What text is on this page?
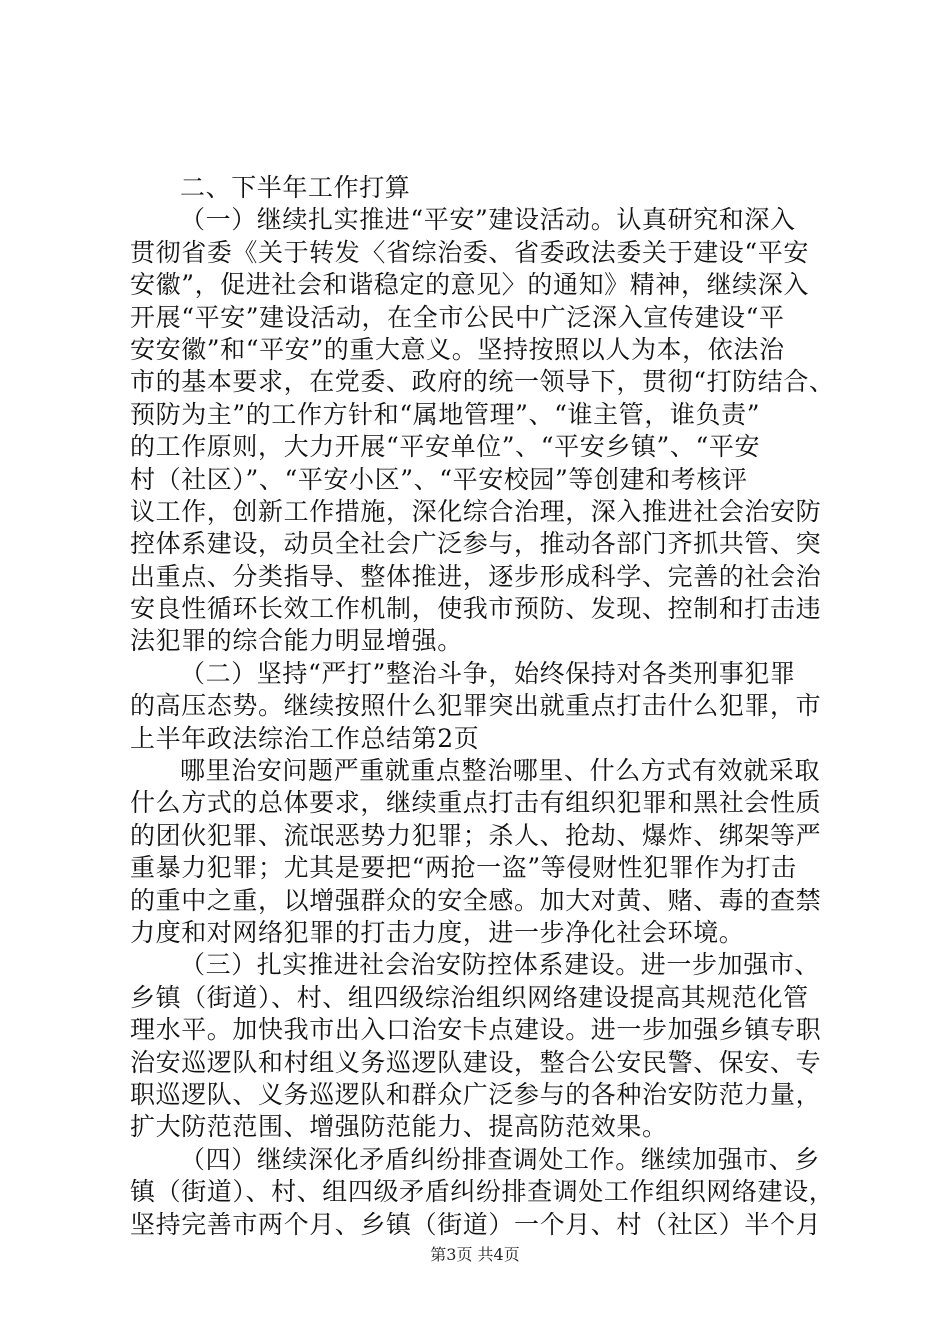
二、下半年工作打算
（一）继续扎实推进“平安”建设活动。认真研究和深入
贯彻省委《关于转发〈省综治委、省委政法委关于建设“平安
安徽”，促进社会和谐稳定的意见〉的通知》精神，继续深入
开展“平安”建设活动，在全市公民中广泛深入宣传建设“平
安安徽”和“平安”的重大意义。坚持按照以人为本，依法治
市的基本要求，在党委、政府的统一领导下，贯彻“打防结合、
预防为主”的工作方针和“属地管理”、“谁主管，谁负责”
的工作原则，大力开展“平安单位”、“平安乡镇”、“平安
村（社区）”、“平安小区”、“平安校园”等创建和考核评
议工作，创新工作措施，深化综合治理，深入推进社会治安防
控体系建设，动员全社会广泛参与，推动各部门齐抓共管、突
出重点、分类指导、整体推进，逐步形成科学、完善的社会治
安良性循环长效工作机制，使我市预防、发现、控制和打击违
法犯罪的综合能力明显增强。
（二）坚持“严打”整治斗争，始终保持对各类刑事犯罪
的高压态势。继续按照什么犯罪突出就重点打击什么犯罪，市
上半年政法综治工作总结第2页
哪里治安问题严重就重点整治哪里、什么方式有效就采取
什么方式的总体要求，继续重点打击有组织犯罪和黑社会性质
的团伙犯罪、流氓恶势力犯罪；杀人、抢劫、爆炸、绑架等严
重暴力犯罪；尤其是要把“两抢一盗”等侵财性犯罪作为打击
的重中之重，以增强群众的安全感。加大对黄、赌、毒的查禁
力度和对网络犯罪的打击力度，进一步净化社会环境。
（三）扎实推进社会治安防控体系建设。进一步加强市、
乡镇（街道）、村、组四级综治组织网络建设提高其规范化管
理水平。加快我市出入口治安卡点建设。进一步加强乡镇专职
治安巡逻队和村组义务巡逻队建设，整合公安民警、保安、专
职巡逻队、义务巡逻队和群众广泛参与的各种治安防范力量，
扩大防范范围、增强防范能力、提高防范效果。
（四）继续深化矛盾纠纷排查调处工作。继续加强市、乡
镇（街道）、村、组四级矛盾纠纷排查调处工作组织网络建设，
坚持完善市两个月、乡镇（街道）一个月、村（社区）半个月
第3页 共4页
